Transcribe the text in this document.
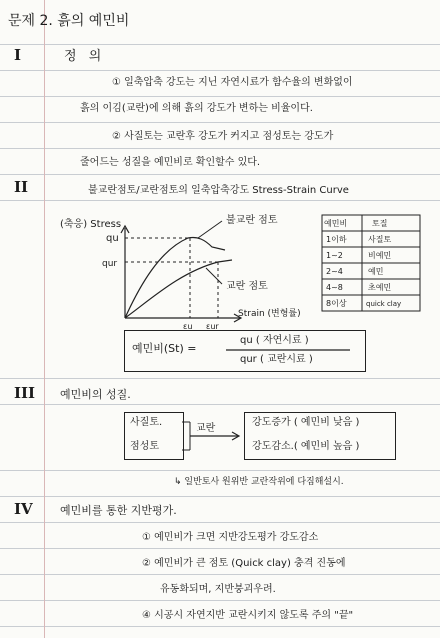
문제 2. 흙의 예민비
I	정 의
① 일축압축 강도는 지닌 자연시료가 함수율의 변화없이
흙의 이김(교란)에 의해 흙의 강도가 변하는 비율이다.
② 사질토는 교란후 강도가 커지고 점성토는 강도가
줄어드는 성질을 예민비로 확인할수 있다.
II	불교란점토/교란점토의 일축압축강도 Stress-Strain Curve
(축응) Stress
qu
qur
불교란 점토
교란 점토
Strain (변형률)
εu εur
예민비	토질
1이하	사질토
1~2	비예민
2~4	예민
4~8	초예민
8이상	quick clay
예민비(St) =
qu ( 자연시료 )
qur ( 교란시료 )
III 예민비의 성질.
사질토.
점성토
교란
강도증가 ( 예민비 낮음 )
강도감소.( 예민비 높음 )
↳ 일반토사 원위반 교란작위에 다짐해설시.
IV 예민비를 통한 지반평가.
① 예민비가 크면 지반강도평가 강도감소
② 예민비가 큰 점토 (Quick clay) 충격 진동에
유동화되며, 지반붕괴우려.
④ 시공시 자연지반 교란시키지 않도록 주의 "끝"
